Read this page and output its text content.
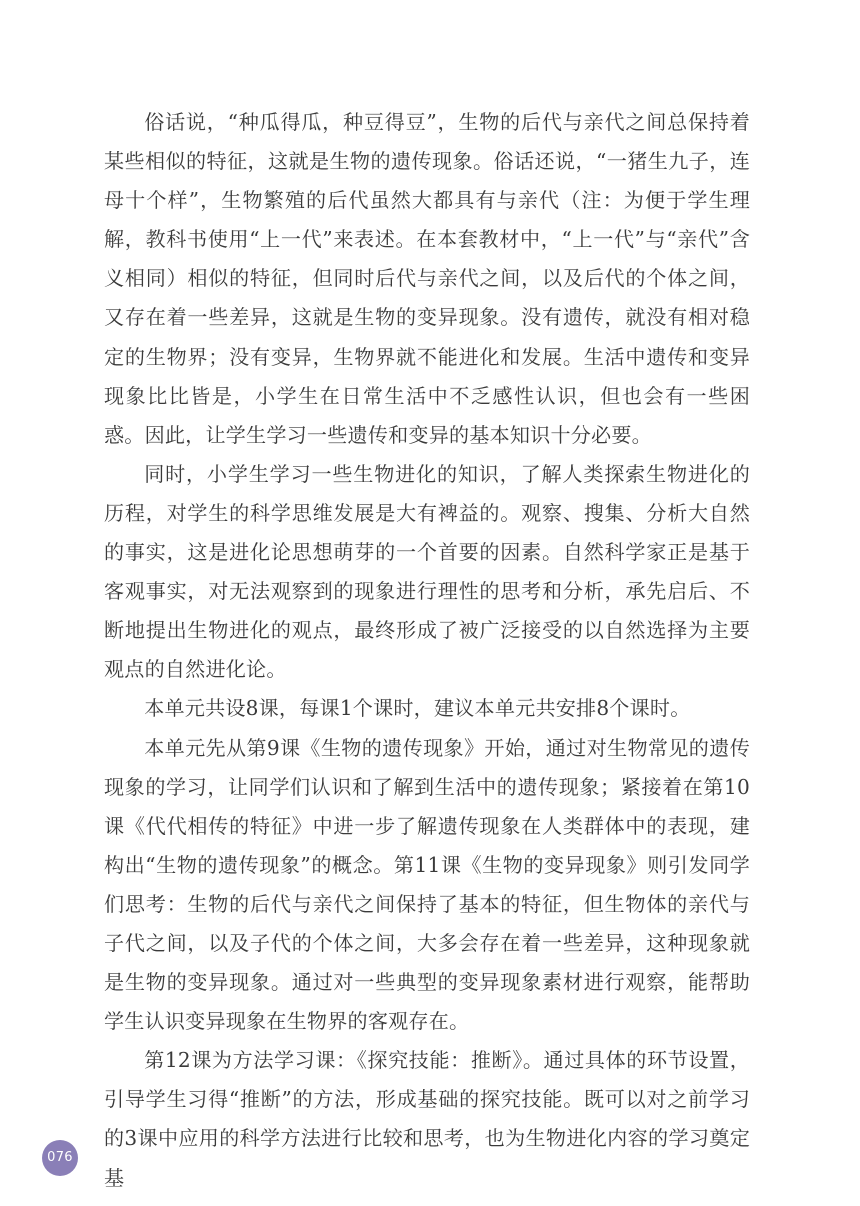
俗话说，“种瓜得瓜，种豆得豆”，生物的后代与亲代之间总保持着某些相似的特征，这就是生物的遗传现象。俗话还说，“一猪生九子，连母十个样”，生物繁殖的后代虽然大都具有与亲代（注：为便于学生理解，教科书使用“上一代”来表述。在本套教材中，“上一代”与“亲代”含义相同）相似的特征，但同时后代与亲代之间，以及后代的个体之间，又存在着一些差异，这就是生物的变异现象。没有遗传，就没有相对稳定的生物界；没有变异，生物界就不能进化和发展。生活中遗传和变异现象比比皆是，小学生在日常生活中不乏感性认识，但也会有一些困惑。因此，让学生学习一些遗传和变异的基本知识十分必要。

同时，小学生学习一些生物进化的知识，了解人类探索生物进化的历程，对学生的科学思维发展是大有裨益的。观察、搜集、分析大自然的事实，这是进化论思想萌芽的一个首要的因素。自然科学家正是基于客观事实，对无法观察到的现象进行理性的思考和分析，承先启后、不断地提出生物进化的观点，最终形成了被广泛接受的以自然选择为主要观点的自然进化论。

本单元共设8课，每课1个课时，建议本单元共安排8个课时。

本单元先从第9课《生物的遗传现象》开始，通过对生物常见的遗传现象的学习，让同学们认识和了解到生活中的遗传现象；紧接着在第10课《代代相传的特征》中进一步了解遗传现象在人类群体中的表现，建构出“生物的遗传现象”的概念。第11课《生物的变异现象》则引发同学们思考：生物的后代与亲代之间保持了基本的特征，但生物体的亲代与子代之间，以及子代的个体之间，大多会存在着一些差异，这种现象就是生物的变异现象。通过对一些典型的变异现象素材进行观察，能帮助学生认识变异现象在生物界的客观存在。

第12课为方法学习课：《探究技能：推断》。通过具体的环节设置，引导学生习得“推断”的方法，形成基础的探究技能。既可以对之前学习的3课中应用的科学方法进行比较和思考，也为生物进化内容的学习奠定基

076
